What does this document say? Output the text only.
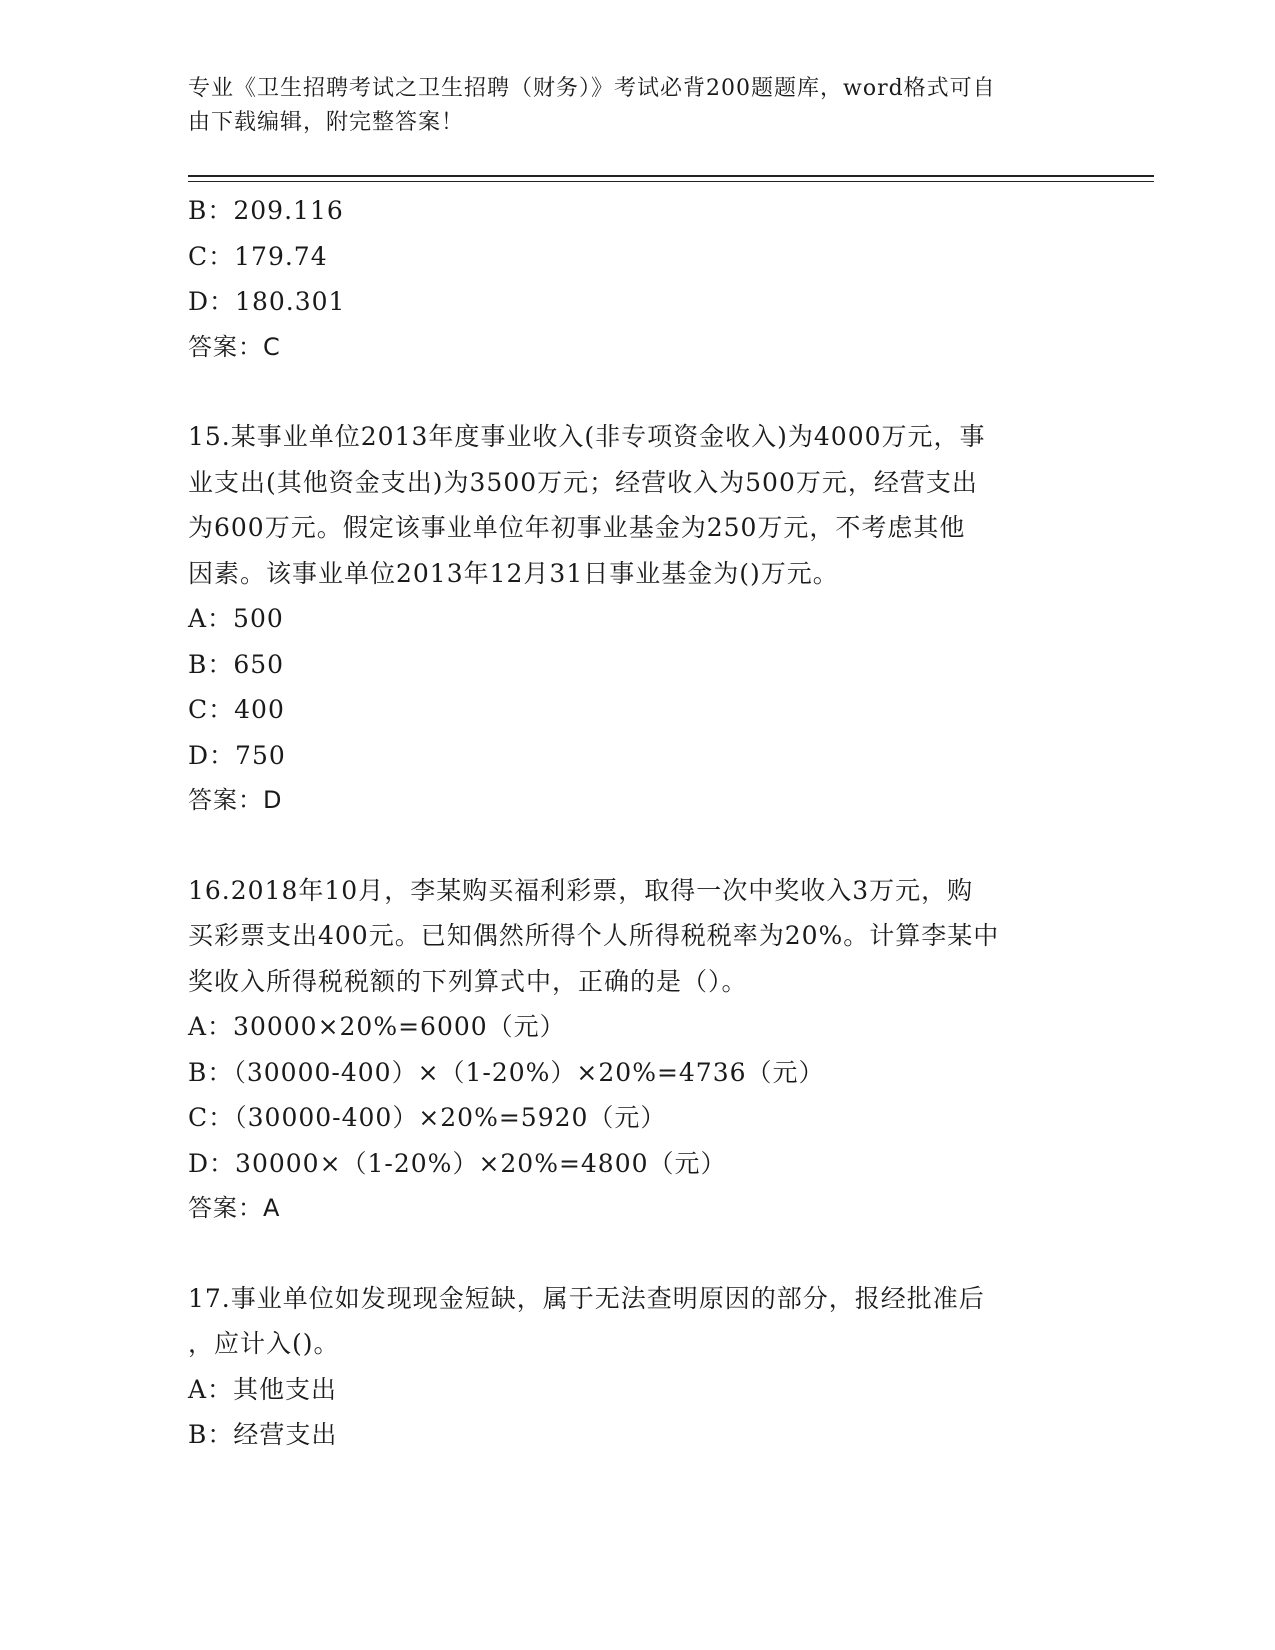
专业《卫生招聘考试之卫生招聘（财务）》考试必背200题题库，word格式可自
由下载编辑，附完整答案！
B：209.116
C：179.74
D：180.301
答案：C
15.某事业单位2013年度事业收入(非专项资金收入)为4000万元，事
业支出(其他资金支出)为3500万元；经营收入为500万元，经营支出
为600万元。假定该事业单位年初事业基金为250万元，不考虑其他
因素。该事业单位2013年12月31日事业基金为()万元。
A：500
B：650
C：400
D：750
答案：D
16.2018年10月，李某购买福利彩票，取得一次中奖收入3万元，购
买彩票支出400元。已知偶然所得个人所得税税率为20%。计算李某中
奖收入所得税税额的下列算式中，正确的是（）。
A：30000×20%=6000（元）
B：（30000-400）×（1-20%）×20%=4736（元）
C：（30000-400）×20%=5920（元）
D：30000×（1-20%）×20%=4800（元）
答案：A
17.事业单位如发现现金短缺，属于无法查明原因的部分，报经批准后
，应计入()。
A：其他支出
B：经营支出
